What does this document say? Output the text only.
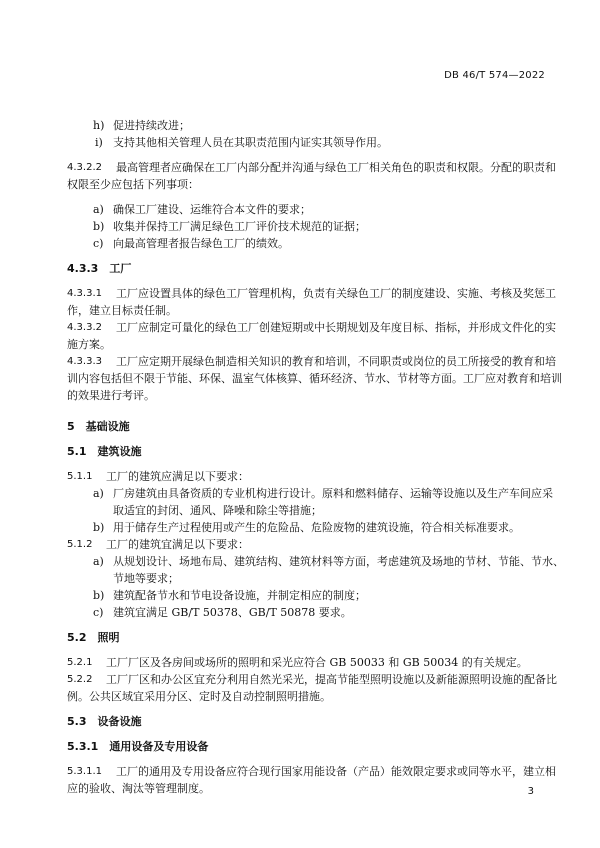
DB 46/T 574—2022
h) 促进持续改进；
i) 支持其他相关管理人员在其职责范围内证实其领导作用。
4.3.2.2 最高管理者应确保在工厂内部分配并沟通与绿色工厂相关角色的职责和权限。分配的职责和
权限至少应包括下列事项：
a) 确保工厂建设、运维符合本文件的要求；
b) 收集并保持工厂满足绿色工厂评价技术规范的证据；
c) 向最高管理者报告绿色工厂的绩效。
4.3.3　工厂
4.3.3.1 工厂应设置具体的绿色工厂管理机构，负责有关绿色工厂的制度建设、实施、考核及奖惩工
作，建立目标责任制。
4.3.3.2 工厂应制定可量化的绿色工厂创建短期或中长期规划及年度目标、指标，并形成文件化的实
施方案。
4.3.3.3 工厂应定期开展绿色制造相关知识的教育和培训，不同职责或岗位的员工所接受的教育和培
训内容包括但不限于节能、环保、温室气体核算、循环经济、节水、节材等方面。工厂应对教育和培训
的效果进行考评。
5　基础设施
5.1　建筑设施
5.1.1 工厂的建筑应满足以下要求：
a) 厂房建筑由具备资质的专业机构进行设计。原料和燃料储存、运输等设施以及生产车间应采
取适宜的封闭、通风、降噪和除尘等措施；
b) 用于储存生产过程使用或产生的危险品、危险废物的建筑设施，符合相关标准要求。
5.1.2 工厂的建筑宜满足以下要求：
a) 从规划设计、场地布局、建筑结构、建筑材料等方面，考虑建筑及场地的节材、节能、节水、
节地等要求；
b) 建筑配备节水和节电设备设施，并制定相应的制度；
c) 建筑宜满足 GB/T 50378、GB/T 50878 要求。
5.2　照明
5.2.1 工厂厂区及各房间或场所的照明和采光应符合 GB 50033 和 GB 50034 的有关规定。
5.2.2 工厂厂区和办公区宜充分利用自然光采光，提高节能型照明设施以及新能源照明设施的配备比
例。公共区域宜采用分区、定时及自动控制照明措施。
5.3　设备设施
5.3.1　通用设备及专用设备
5.3.1.1 工厂的通用及专用设备应符合现行国家用能设备（产品）能效限定要求或同等水平，建立相
应的验收、淘汰等管理制度。	3
